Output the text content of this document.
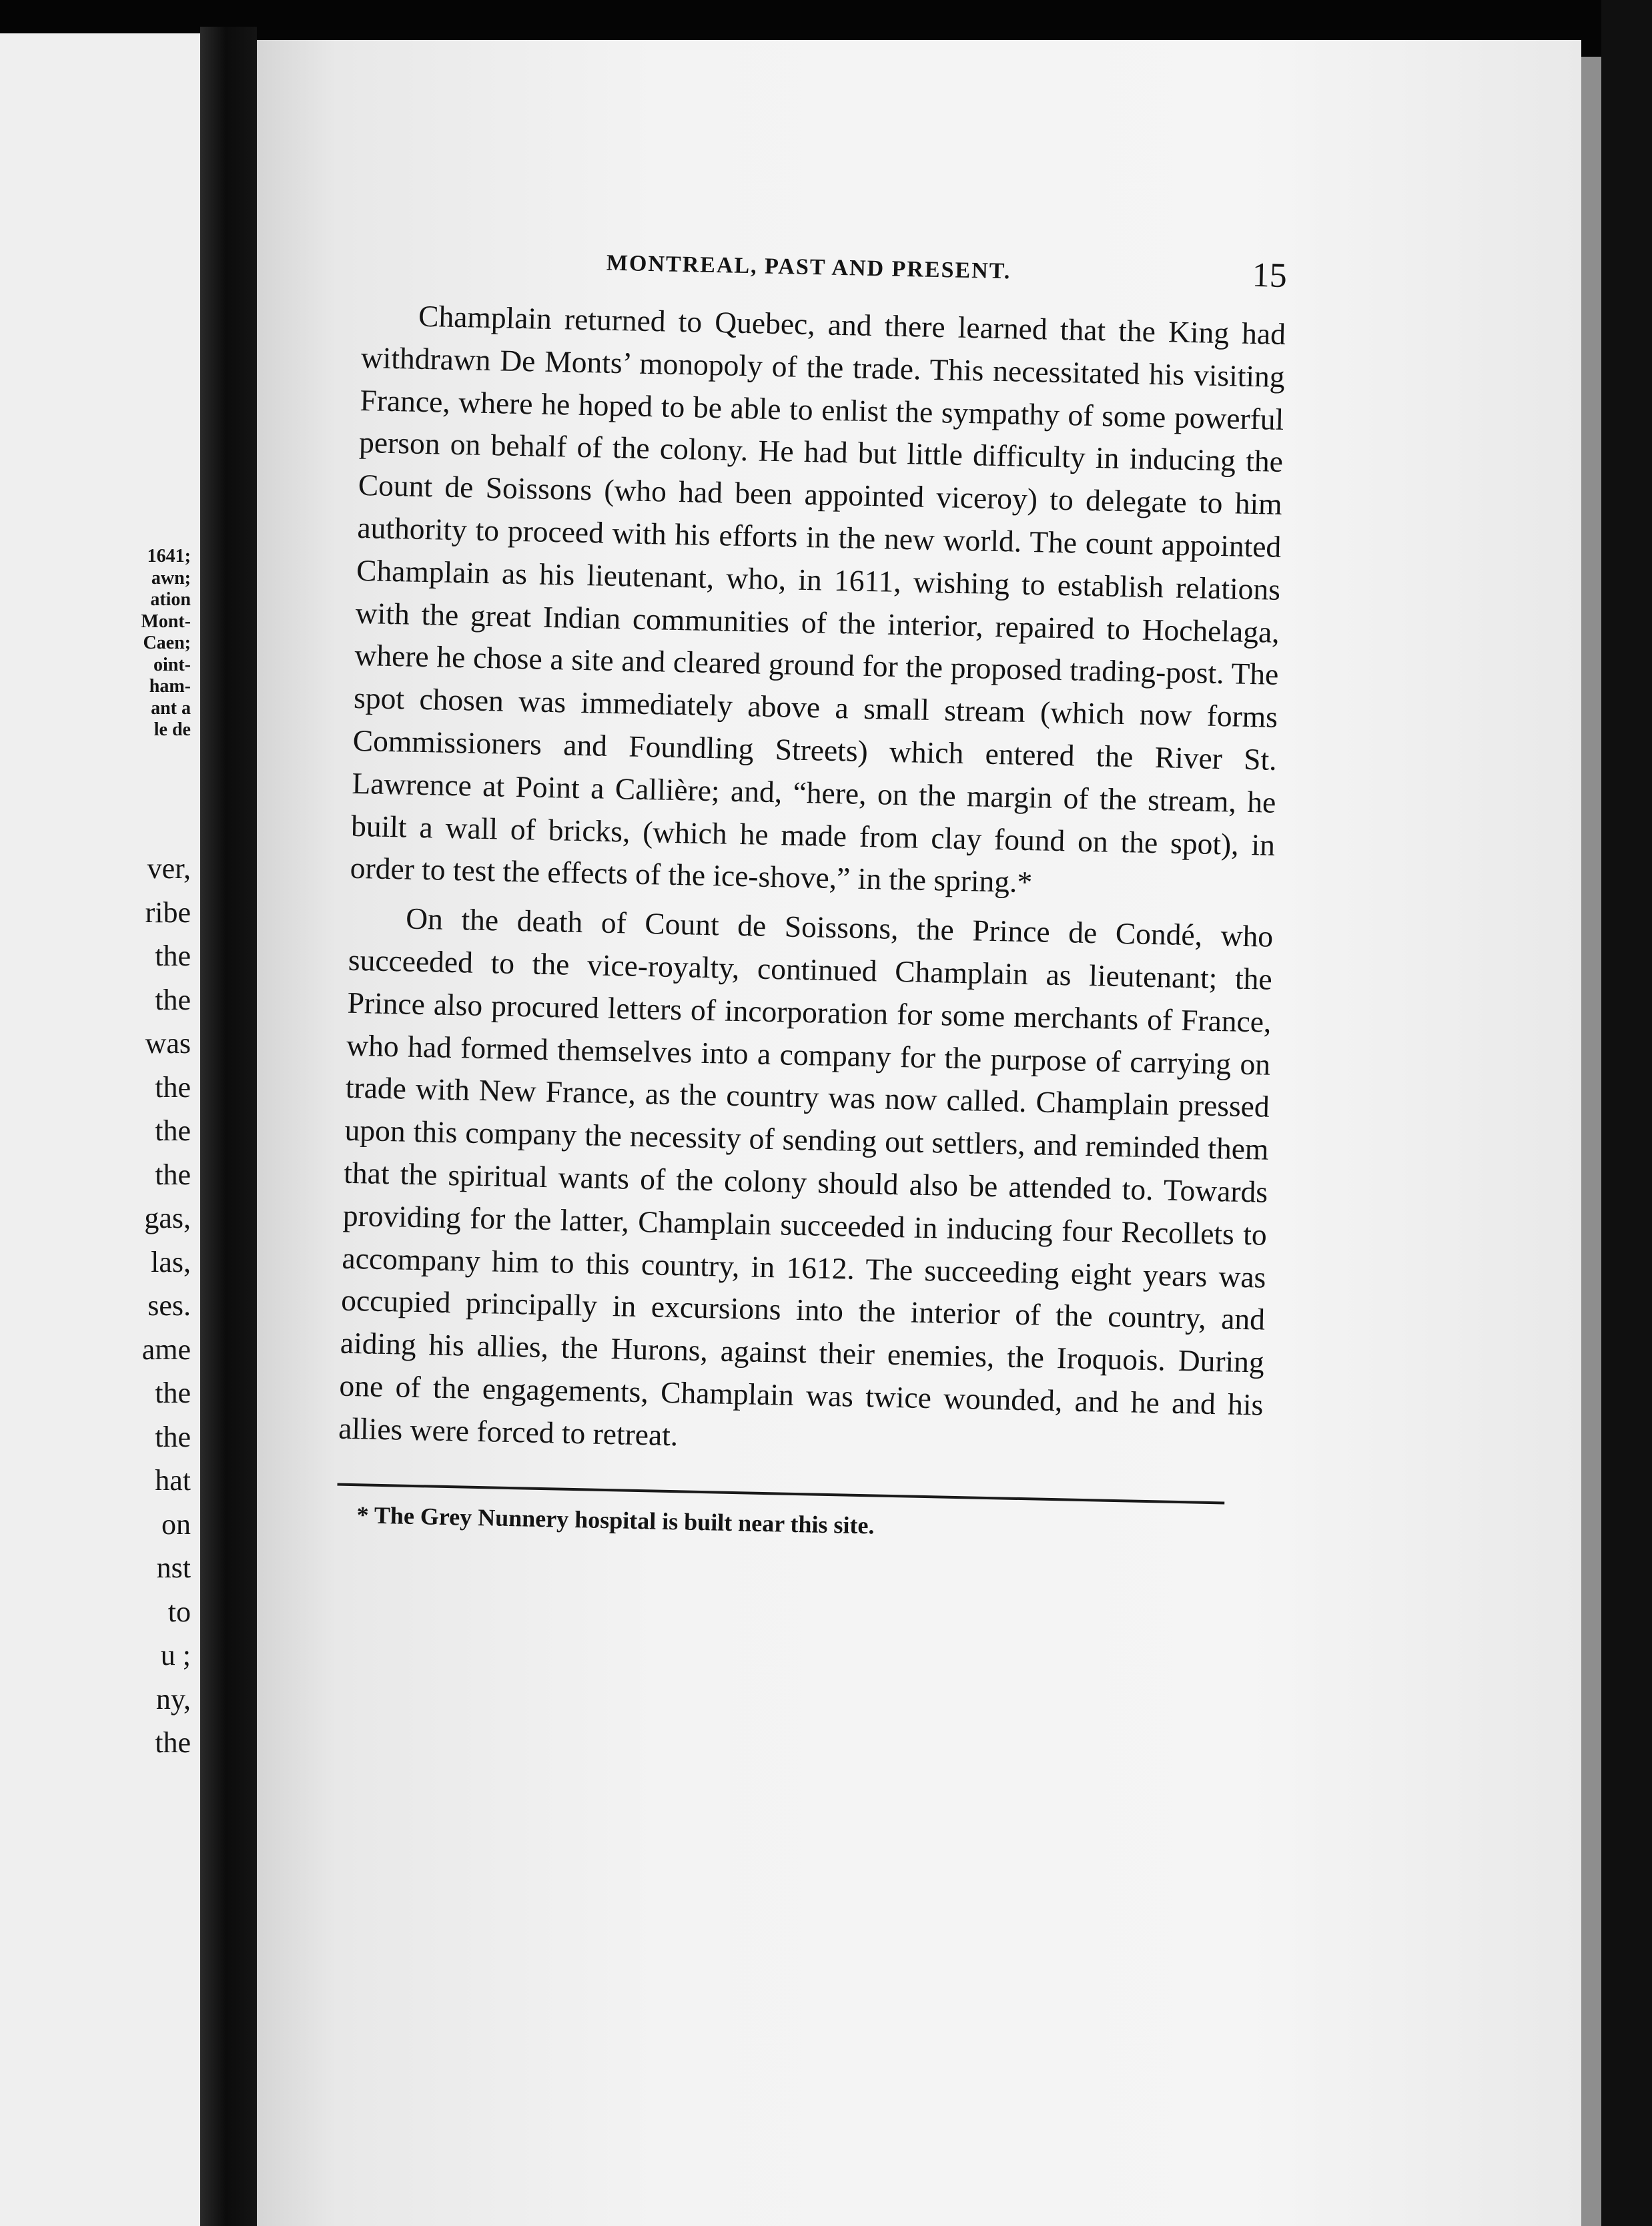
1641;
awn;
ation
Mont-
Caen;
oint-
ham-
ant a
le de
ver,
ribe
the
the
was
the
the
the
gas,
las,
ses.
ame
the
the
hat
on
nst
to
u ;
ny,
the
MONTREAL, PAST AND PRESENT.	15

Champlain returned to Quebec, and there learned that the King had withdrawn De Monts’ monopoly of the trade. This necessitated his visiting France, where he hoped to be able to enlist the sympathy of some powerful person on behalf of the colony. He had but little difficulty in inducing the Count de Soissons (who had been appointed viceroy) to delegate to him authority to proceed with his efforts in the new world. The count appointed Champlain as his lieutenant, who, in 1611, wishing to establish relations with the great Indian communities of the interior, repaired to Hochelaga, where he chose a site and cleared ground for the proposed trading-post. The spot chosen was immediately above a small stream (which now forms Commissioners and Foundling Streets) which entered the River St. Lawrence at Point a Callière; and, “here, on the margin of the stream, he built a wall of bricks, (which he made from clay found on the spot), in order to test the effects of the ice-shove,” in the spring.*

On the death of Count de Soissons, the Prince de Condé, who succeeded to the vice-royalty, continued Champlain as lieutenant; the Prince also procured letters of incorporation for some merchants of France, who had formed themselves into a company for the purpose of carrying on trade with New France, as the country was now called. Champlain pressed upon this company the necessity of sending out settlers, and reminded them that the spiritual wants of the colony should also be attended to. Towards providing for the latter, Champlain succeeded in inducing four Recollets to accompany him to this country, in 1612. The succeeding eight years was occupied principally in excursions into the interior of the country, and aiding his allies, the Hurons, against their enemies, the Iroquois. During one of the engagements, Champlain was twice wounded, and he and his allies were forced to retreat.

* The Grey Nunnery hospital is built near this site.
